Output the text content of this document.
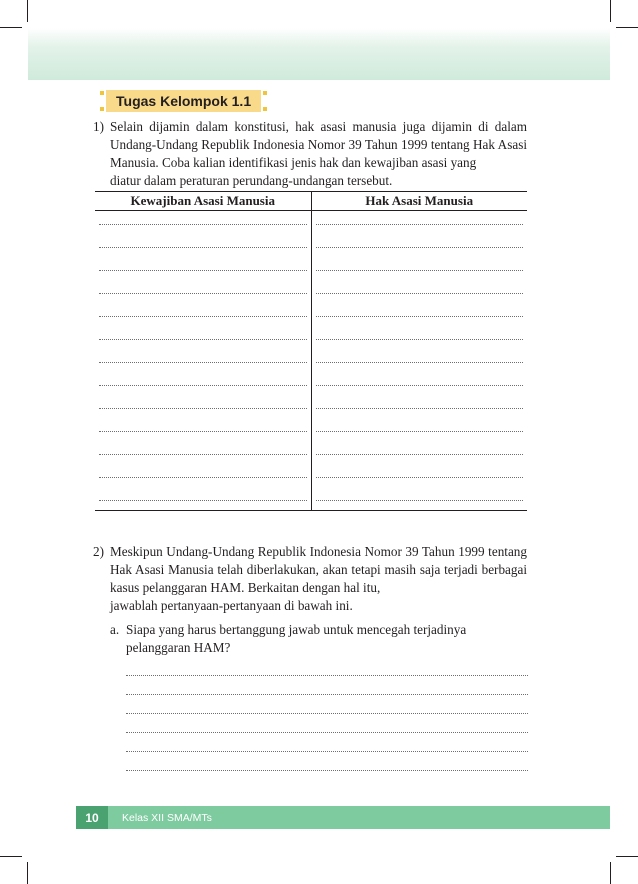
Tugas Kelompok 1.1
1) Selain dijamin dalam konstitusi, hak asasi manusia juga dijamin di dalam Undang-Undang Republik Indonesia Nomor 39 Tahun 1999 tentang Hak Asasi Manusia. Coba kalian identifikasi jenis hak dan kewajiban asasi yang
diatur dalam peraturan perundang-undangan tersebut.
Kewajiban Asasi Manusia	Hak Asasi Manusia

2) Meskipun Undang-Undang Republik Indonesia Nomor 39 Tahun 1999 tentang Hak Asasi Manusia telah diberlakukan, akan tetapi masih saja terjadi berbagai kasus pelanggaran HAM. Berkaitan dengan hal itu,
jawablah pertanyaan-pertanyaan di bawah ini.
a. Siapa yang harus bertanggung jawab untuk mencegah terjadinya
pelanggaran HAM?
10	Kelas XII SMA/MTs
